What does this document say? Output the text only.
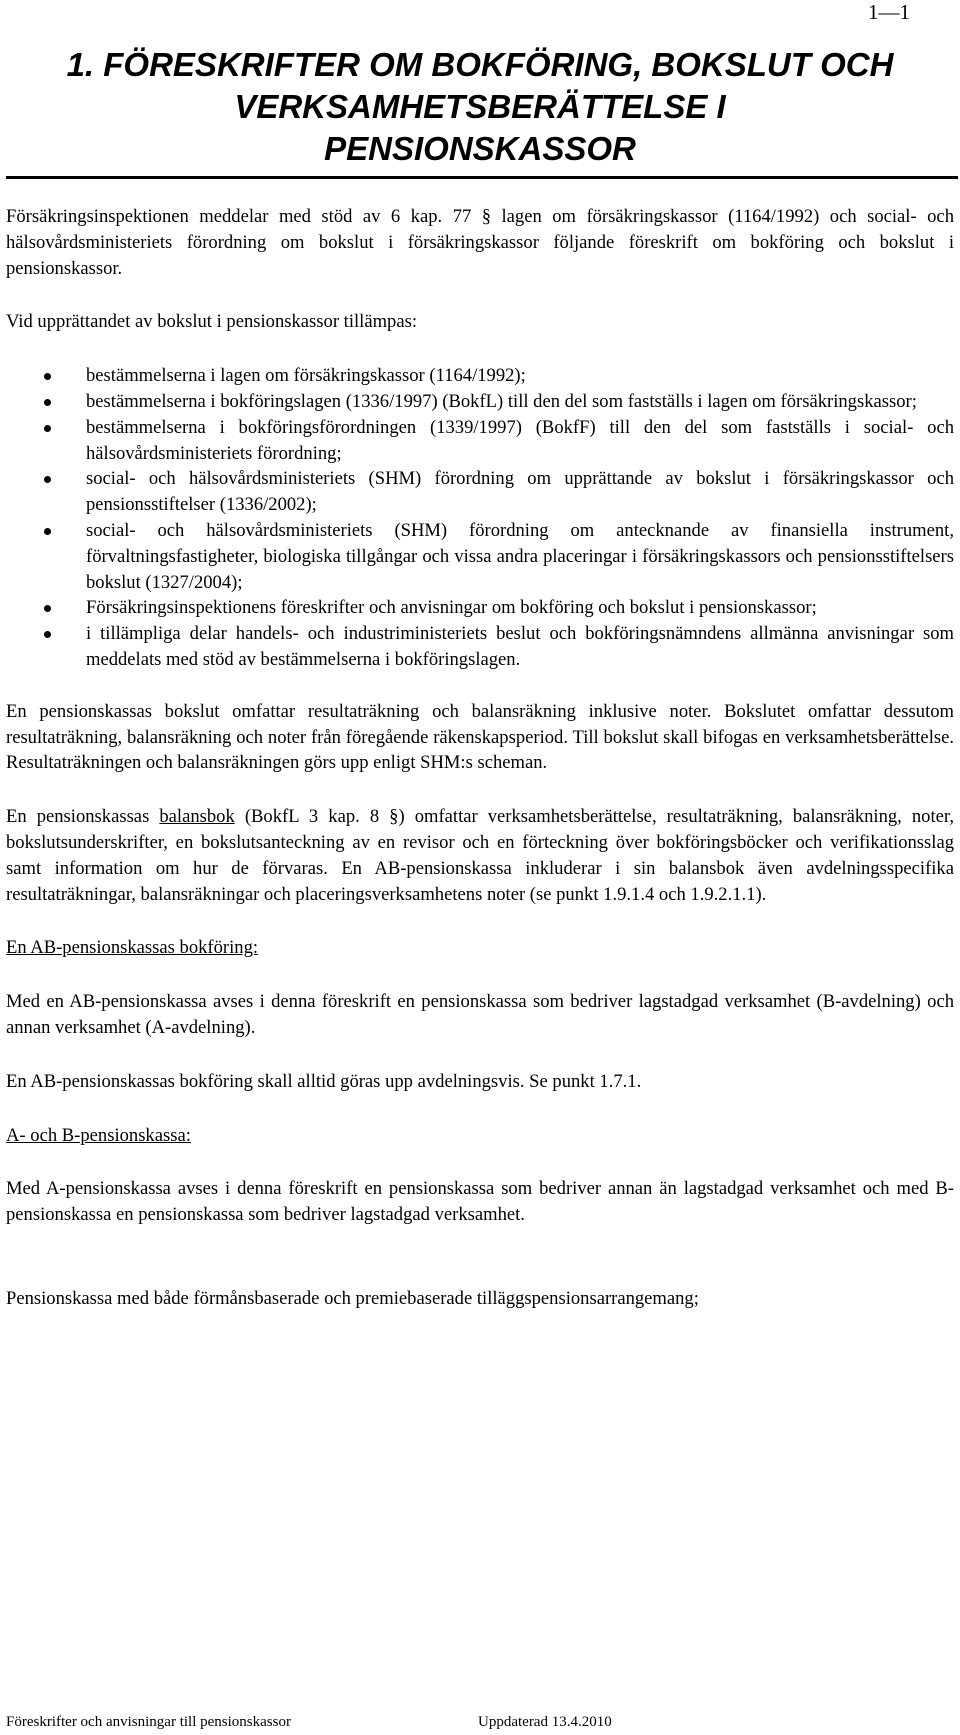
1—1
1. FÖRESKRIFTER OM BOKFÖRING, BOKSLUT OCH
VERKSAMHETSBERÄTTELSE I
PENSIONSKASSOR

Försäkringsinspektionen meddelar med stöd av 6 kap. 77 § lagen om försäkringskassor (1164/1992) och social- och hälsovårdsministeriets förordning om bokslut i försäkringskassor följande föreskrift om bokföring och bokslut i pensionskassor.

Vid upprättandet av bokslut i pensionskassor tillämpas:

bestämmelserna i lagen om försäkringskassor (1164/1992);
bestämmelserna i bokföringslagen (1336/1997) (BokfL) till den del som fastställs i lagen om försäkringskassor;
bestämmelserna i bokföringsförordningen (1339/1997) (BokfF) till den del som fastställs i social- och hälsovårdsministeriets förordning;
social- och hälsovårdsministeriets (SHM) förordning om upprättande av bokslut i försäkringskassor och pensionsstiftelser (1336/2002);
social- och hälsovårdsministeriets (SHM) förordning om antecknande av finansiella instrument, förvaltningsfastigheter, biologiska tillgångar och vissa andra placeringar i försäkringskassors och pensionsstiftelsers bokslut (1327/2004);
Försäkringsinspektionens föreskrifter och anvisningar om bokföring och bokslut i pensionskassor;
i tillämpliga delar handels- och industriministeriets beslut och bokföringsnämndens allmänna anvisningar som meddelats med stöd av bestämmelserna i bokföringslagen.

En pensionskassas bokslut omfattar resultaträkning och balansräkning inklusive noter. Bokslutet omfattar dessutom resultaträkning, balansräkning och noter från föregående räkenskapsperiod. Till bokslut skall bifogas en verksamhetsberättelse. Resultaträkningen och balansräkningen görs upp enligt SHM:s scheman.

En pensionskassas balansbok (BokfL 3 kap. 8 §) omfattar verksamhetsberättelse, resultaträkning, balansräkning, noter, bokslutsunderskrifter, en bokslutsanteckning av en revisor och en förteckning över bokföringsböcker och verifikationsslag samt information om hur de förvaras. En AB-pensionskassa inkluderar i sin balansbok även avdelningsspecifika resultaträkningar, balansräkningar och placeringsverksamhetens noter (se punkt 1.9.1.4 och 1.9.2.1.1).

En AB-pensionskassas bokföring:

Med en AB-pensionskassa avses i denna föreskrift en pensionskassa som bedriver lagstadgad verksamhet (B-avdelning) och annan verksamhet (A-avdelning).

En AB-pensionskassas bokföring skall alltid göras upp avdelningsvis. Se punkt 1.7.1.

A- och B-pensionskassa:

Med A-pensionskassa avses i denna föreskrift en pensionskassa som bedriver annan än lagstadgad verksamhet och med B-pensionskassa en pensionskassa som bedriver lagstadgad verksamhet.

Pensionskassa med både förmånsbaserade och premiebaserade tilläggspensionsarrangemang;

Föreskrifter och anvisningar till pensionskassor	Uppdaterad 13.4.2010
